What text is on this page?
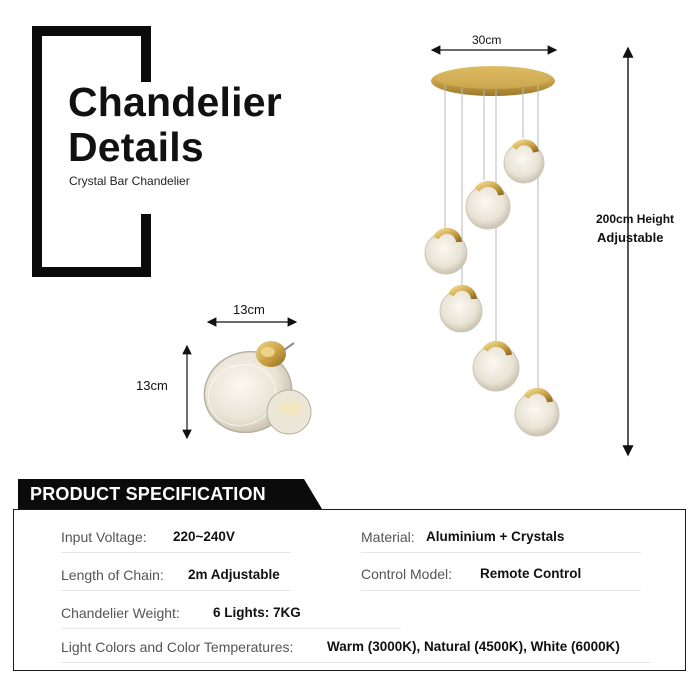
Chandelier
Details
Crystal Bar Chandelier
30cm
200cm Height
Adjustable
13cm
13cm
PRODUCT SPECIFICATION
Input Voltage: 220~240V	Material: Aluminium + Crystals
Length of Chain: 2m Adjustable	Control Model: Remote Control
Chandelier Weight: 6 Lights: 7KG
Light Colors and Color Temperatures: Warm (3000K), Natural (4500K), White (6000K)
